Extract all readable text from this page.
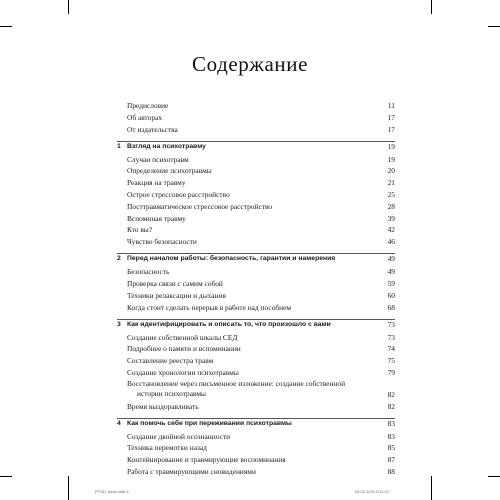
Содержание
Предисловие	11
Об авторах	17
От издательства	17
1 Взгляд на психотравму	19
Случаи психотравм	19
Определение психотравмы	20
Реакция на травму	21
Острое стрессовое расстройство	25
Посттравматическое стрессовое расстройство	28
Вспоминая травму	39
Кто вы?	42
Чувство безопасности	46
2 Перед началом работы: безопасность, гарантии и намерения	49
Безопасность	49
Проверка связи с самим собой	59
Техники релаксации и дыхания	60
Когда стоит сделать перерыв в работе над пособием	68
3 Как идентифицировать и описать то, что произошло с вами	73
Создание собственной шкалы СЕД	73
Подробнее о памяти и вспоминании	74
Составление реестра травм	75
Создание хронологии психотравмы	79
Восстановление через письменное изложение: создание собственной
истории психотравмы	82
Время выздоравливать	82
4 Как помочь себе при переживании психотравмы	83
Создание двойной осознанности	83
Техника перемотки назад	85
Контейнирование и травмирующие воспоминания	87
Работа с травмирующими сновидениями	88
PTSD_book.indb 6	05.02.2021 0:11:21
